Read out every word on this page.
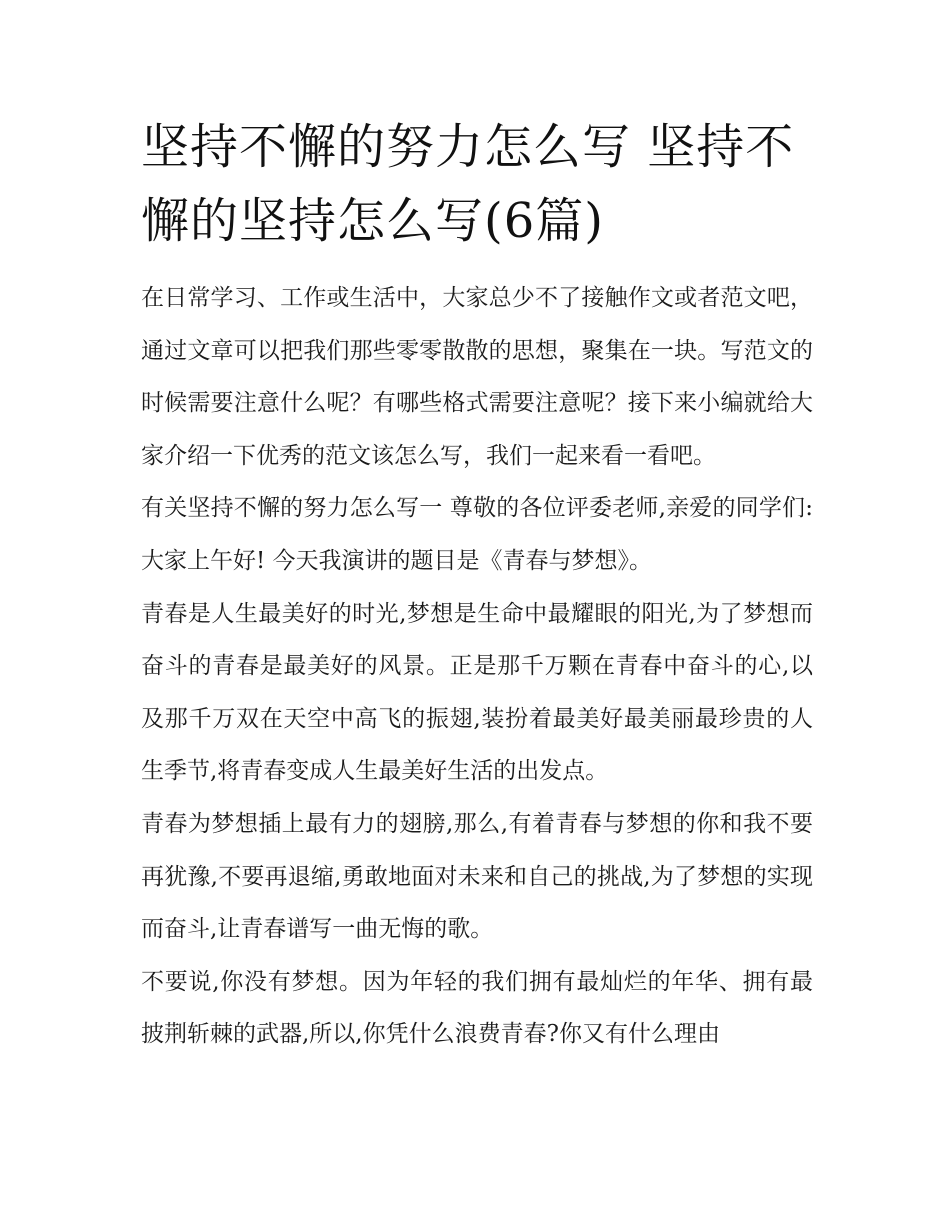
坚持不懈的努力怎么写 坚持不懈的坚持怎么写(6篇)

在日常学习、工作或生活中，大家总少不了接触作文或者范文吧，通过文章可以把我们那些零零散散的思想，聚集在一块。写范文的时候需要注意什么呢？有哪些格式需要注意呢？接下来小编就给大家介绍一下优秀的范文该怎么写，我们一起来看一看吧。

有关坚持不懈的努力怎么写一 尊敬的各位评委老师,亲爱的同学们: 大家上午好! 今天我演讲的题目是《青春与梦想》。

青春是人生最美好的时光,梦想是生命中最耀眼的阳光,为了梦想而奋斗的青春是最美好的风景。正是那千万颗在青春中奋斗的心,以及那千万双在天空中高飞的振翅,装扮着最美好最美丽最珍贵的人生季节,将青春变成人生最美好生活的出发点。

青春为梦想插上最有力的翅膀,那么,有着青春与梦想的你和我不要再犹豫,不要再退缩,勇敢地面对未来和自己的挑战,为了梦想的实现而奋斗,让青春谱写一曲无悔的歌。

不要说,你没有梦想。因为年轻的我们拥有最灿烂的年华、拥有最披荆斩棘的武器,所以,你凭什么浪费青春?你又有什么理由
